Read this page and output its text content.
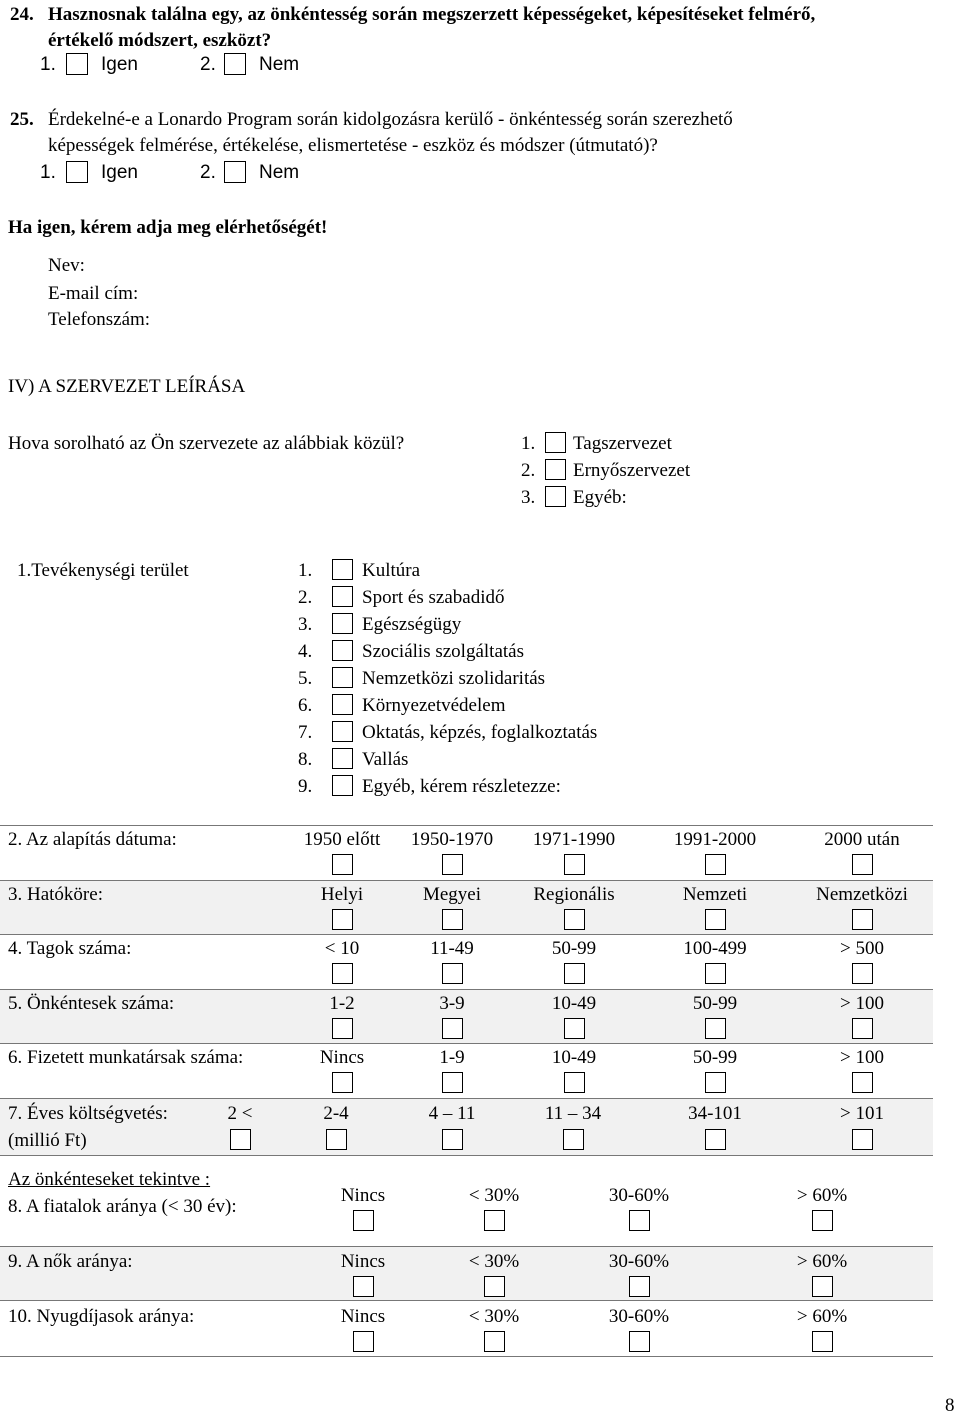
24. Hasznosnak találna egy, az önkéntesség során megszerzett képességeket, képesítéseket felmérő,
értékelő módszert, eszközt?
1. Igen	2. Nem
25. Érdekelné-e a Lonardo Program során kidolgozásra kerülő - önkéntesség során szerezhető
képességek felmérése, értékelése, elismertetése - eszköz és módszer (útmutató)?
1. Igen	2. Nem
Ha igen, kérem adja meg elérhetőségét!
Nev:
E-mail cím:
Telefonszám:
IV) A SZERVEZET LEÍRÁSA
Hova sorolható az Ön szervezete az alábbiak közül?	1. Tagszervezet
2. Ernyőszervezet
3. Egyéb:
1.Tevékenységi terület	1.	Kultúra
2.	Sport és szabadidő
3.	Egészségügy
4.	Szociális szolgáltatás
5.	Nemzetközi szolidaritás
6.	Környezetvédelem
7.	Oktatás, képzés, foglalkoztatás
8.	Vallás
9.	Egyéb, kérem részletezze:
2. Az alapítás dátuma:	1950 előtt 1950-1970 1971-1990	1991-2000	2000 után
3. Hatóköre:	Helyi	Megyei	Regionális	Nemzeti	Nemzetközi
4. Tagok száma:	< 10	11-49	50-99	100-499	> 500
5. Önkéntesek száma:	1-2	3-9	10-49	50-99	> 100
6. Fizetett munkatársak száma:	Nincs	1-9	10-49	50-99	> 100
7. Éves költségvetés:
(millió Ft)
2 <	2-4	4 – 11	11 – 34	34-101	> 101
Az önkénteseket tekintve :
8. A fiatalok aránya (< 30 év):
Nincs	< 30%	30-60%	> 60%
9. A nők aránya:	Nincs	< 30%	30-60%	> 60%
10. Nyugdíjasok aránya:	Nincs	< 30%	30-60%	> 60%
8
